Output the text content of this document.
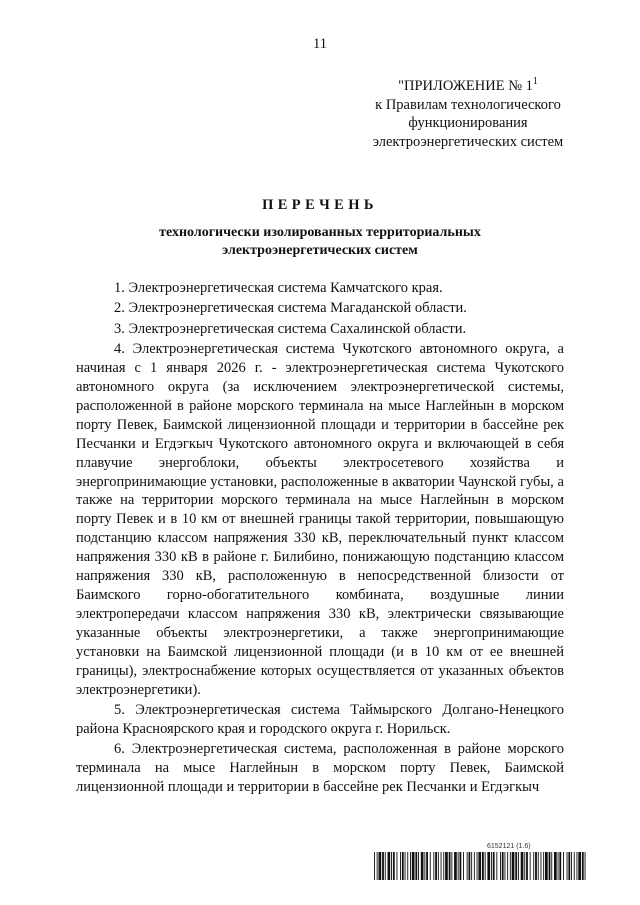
11
"ПРИЛОЖЕНИЕ № $1^1$
к Правилам технологического
функционирования
электроэнергетических систем
ПЕРЕЧЕНЬ
технологически изолированных территориальных
электроэнергетических систем

1. Электроэнергетическая система Камчатского края.

2. Электроэнергетическая система Магаданской области.

3. Электроэнергетическая система Сахалинской области.

4. Электроэнергетическая система Чукотского автономного округа, а начиная с 1 января 2026 г. - электроэнергетическая система Чукотского автономного округа (за исключением электроэнергетической системы, расположенной в районе морского терминала на мысе Наглейнын в морском порту Певек, Баимской лицензионной площади и территории в бассейне рек Песчанки и Егдэгкыч Чукотского автономного округа и включающей в себя плавучие энергоблоки, объекты электросетевого хозяйства и энергопринимающие установки, расположенные в акватории Чаунской губы, а также на территории морского терминала на мысе Наглейнын в морском порту Певек и в 10 км от внешней границы такой территории, повышающую подстанцию классом напряжения 330 кВ, переключательный пункт классом напряжения 330 кВ в районе г. Билибино, понижающую подстанцию классом напряжения 330 кВ, расположенную в непосредственной близости от Баимского горно-обогатительного комбината, воздушные линии электропередачи классом напряжения 330 кВ, электрически связывающие указанные объекты электроэнергетики, а также энергопринимающие установки на Баимской лицензионной площади (и в 10 км от ее внешней границы), электроснабжение которых осуществляется от указанных объектов электроэнергетики).

5. Электроэнергетическая система Таймырского Долгано-Ненецкого района Красноярского края и городского округа г. Норильск.

6. Электроэнергетическая система, расположенная в районе морского терминала на мысе Наглейнын в морском порту Певек, Баимской лицензионной площади и территории в бассейне рек Песчанки и Егдэгкыч

6152121 (1.6)
